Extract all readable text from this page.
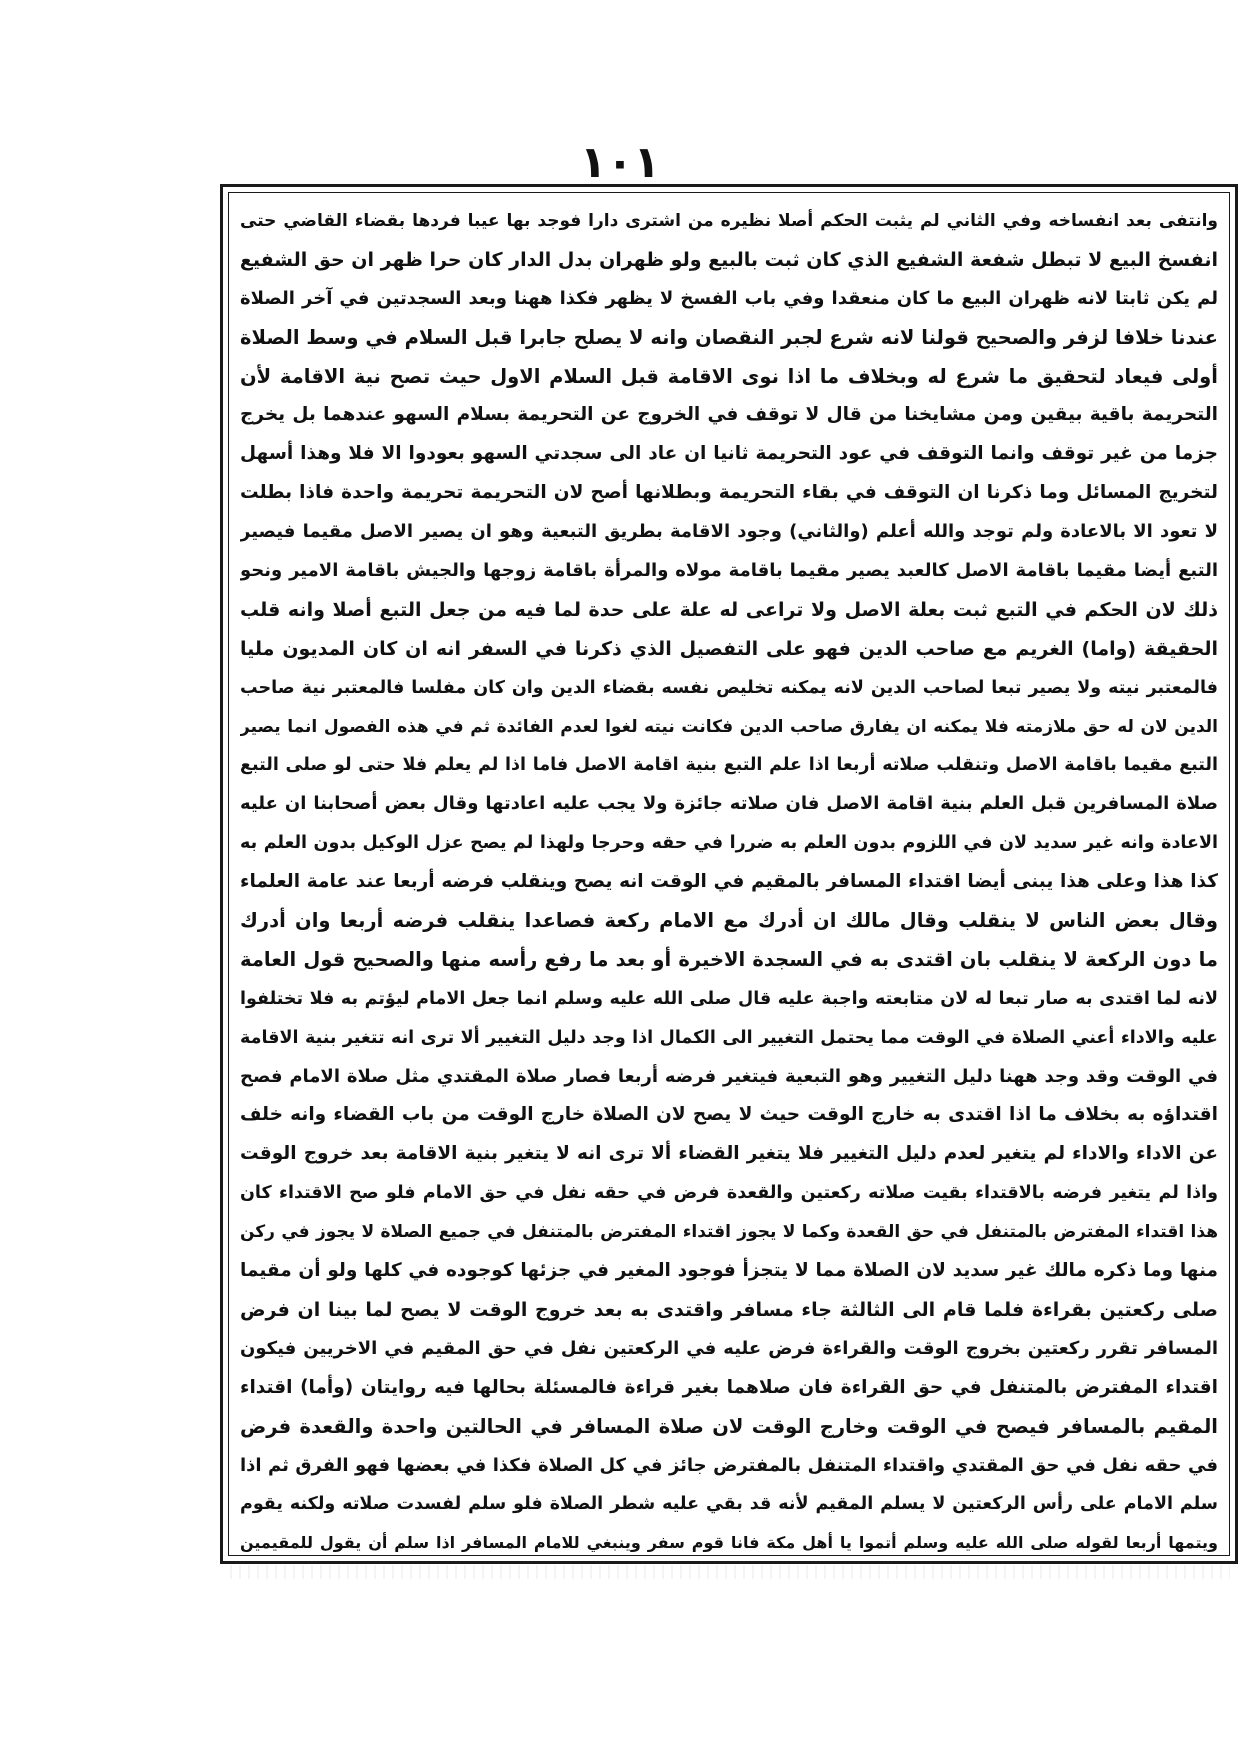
١٠١
وانتفى بعد انفساخه وفي الثاني لم يثبت الحكم أصلا نظيره من اشترى دارا فوجد بها عيبا فردها بقضاء القاضي حتى
انفسخ البيع لا تبطل شفعة الشفيع الذي كان ثبت بالبيع ولو ظهران بدل الدار كان حرا ظهر ان حق الشفيع
لم يكن ثابتا لانه ظهران البيع ما كان منعقدا وفي باب الفسخ لا يظهر فكذا ههنا وبعد السجدتين في آخر الصلاة
عندنا خلافا لزفر والصحيح قولنا لانه شرع لجبر النقصان وانه لا يصلح جابرا قبل السلام في وسط الصلاة
أولى فيعاد لتحقيق ما شرع له وبخلاف ما اذا نوى الاقامة قبل السلام الاول حيث تصح نية الاقامة لأن
التحريمة باقية بيقين ومن مشايخنا من قال لا توقف في الخروج عن التحريمة بسلام السهو عندهما بل يخرج
جزما من غير توقف وانما التوقف في عود التحريمة ثانيا ان عاد الى سجدتي السهو بعودوا الا فلا وهذا أسهل
لتخريج المسائل وما ذكرنا ان التوقف في بقاء التحريمة وبطلانها أصح لان التحريمة تحريمة واحدة فاذا بطلت
لا تعود الا بالاعادة ولم توجد والله أعلم (والثاني) وجود الاقامة بطريق التبعية وهو ان يصير الاصل مقيما فيصير
التبع أيضا مقيما باقامة الاصل كالعبد يصير مقيما باقامة مولاه والمرأة باقامة زوجها والجيش باقامة الامير ونحو
ذلك لان الحكم في التبع ثبت بعلة الاصل ولا تراعى له علة على حدة لما فيه من جعل التبع أصلا وانه قلب
الحقيقة (واما) الغريم مع صاحب الدين فهو على التفصيل الذي ذكرنا في السفر انه ان كان المديون مليا
فالمعتبر نيته ولا يصير تبعا لصاحب الدين لانه يمكنه تخليص نفسه بقضاء الدين وان كان مفلسا فالمعتبر نية صاحب
الدين لان له حق ملازمته فلا يمكنه ان يفارق صاحب الدين فكانت نيته لغوا لعدم الفائدة ثم في هذه الفصول انما يصير
التبع مقيما باقامة الاصل وتنقلب صلاته أربعا اذا علم التبع بنية اقامة الاصل فاما اذا لم يعلم فلا حتى لو صلى التبع
صلاة المسافرين قبل العلم بنية اقامة الاصل فان صلاته جائزة ولا يجب عليه اعادتها وقال بعض أصحابنا ان عليه
الاعادة وانه غير سديد لان في اللزوم بدون العلم به ضررا في حقه وحرجا ولهذا لم يصح عزل الوكيل بدون العلم به
كذا هذا وعلى هذا يبنى أيضا اقتداء المسافر بالمقيم في الوقت انه يصح وينقلب فرضه أربعا عند عامة العلماء
وقال بعض الناس لا ينقلب وقال مالك ان أدرك مع الامام ركعة فصاعدا ينقلب فرضه أربعا وان أدرك
ما دون الركعة لا ينقلب بان اقتدى به في السجدة الاخيرة أو بعد ما رفع رأسه منها والصحيح قول العامة
لانه لما اقتدى به صار تبعا له لان متابعته واجبة عليه قال صلى الله عليه وسلم انما جعل الامام ليؤتم به فلا تختلفوا
عليه والاداء أعني الصلاة في الوقت مما يحتمل التغيير الى الكمال اذا وجد دليل التغيير ألا ترى انه تتغير بنية الاقامة
في الوقت وقد وجد ههنا دليل التغيير وهو التبعية فيتغير فرضه أربعا فصار صلاة المقتدي مثل صلاة الامام فصح
اقتداؤه به بخلاف ما اذا اقتدى به خارج الوقت حيث لا يصح لان الصلاة خارج الوقت من باب القضاء وانه خلف
عن الاداء والاداء لم يتغير لعدم دليل التغيير فلا يتغير القضاء ألا ترى انه لا يتغير بنية الاقامة بعد خروج الوقت
واذا لم يتغير فرضه بالاقتداء بقيت صلاته ركعتين والقعدة فرض في حقه نفل في حق الامام فلو صح الاقتداء كان
هذا اقتداء المفترض بالمتنفل في حق القعدة وكما لا يجوز اقتداء المفترض بالمتنفل في جميع الصلاة لا يجوز في ركن
منها وما ذكره مالك غير سديد لان الصلاة مما لا يتجزأ فوجود المغير في جزئها كوجوده في كلها ولو أن مقيما
صلى ركعتين بقراءة فلما قام الى الثالثة جاء مسافر واقتدى به بعد خروج الوقت لا يصح لما بينا ان فرض
المسافر تقرر ركعتين بخروج الوقت والقراءة فرض عليه في الركعتين نفل في حق المقيم في الاخريين فيكون
اقتداء المفترض بالمتنفل في حق القراءة فان صلاهما بغير قراءة فالمسئلة بحالها فيه روايتان (وأما) اقتداء
المقيم بالمسافر فيصح في الوقت وخارج الوقت لان صلاة المسافر في الحالتين واحدة والقعدة فرض
في حقه نفل في حق المقتدي واقتداء المتنفل بالمفترض جائز في كل الصلاة فكذا في بعضها فهو الفرق ثم اذا
سلم الامام على رأس الركعتين لا يسلم المقيم لأنه قد بقي عليه شطر الصلاة فلو سلم لفسدت صلاته ولكنه يقوم
ويتمها أربعا لقوله صلى الله عليه وسلم أتموا يا أهل مكة فانا قوم سفر وينبغي للامام المسافر اذا سلم أن يقول للمقيمين
